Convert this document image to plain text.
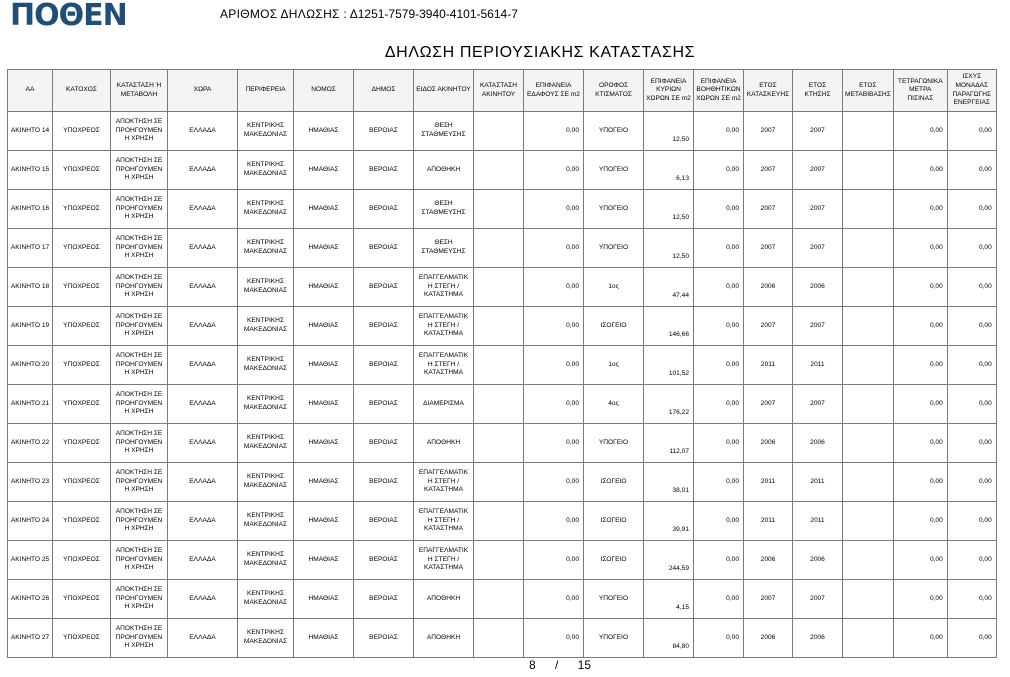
ΠΟΘΕΝ	ΑΡΙΘΜΟΣ ΔΗΛΩΣΗΣ : Δ1251-7579-3940-4101-5614-7
ΔΗΛΩΣΗ ΠΕΡΙΟΥΣΙΑΚΗΣ ΚΑΤΑΣΤΑΣΗΣ
ΑΑ	ΚΑΤΟΧΟΣ	ΚΑΤΑΣΤΑΣΗ Ή ΜΕΤΑΒΟΛΗ	ΧΩΡΑ	ΠΕΡΙΦΕΡΕΙΑ	ΝΟΜΟΣ	ΔΗΜΟΣ	ΕΙΔΟΣ ΑΚΙΝΗΤΟΥ	ΚΑΤΑΣΤΑΣΗ ΑΚΙΝΗΤΟΥ	ΕΠΙΦΑΝΕΙΑ ΕΔΑΦΟΥΣ ΣΕ m2	ΟΡΟΦΟΣ ΚΤΙΣΜΑΤΟΣ	ΕΠΙΦΑΝΕΙΑ ΚΥΡΙΩΝ ΧΩΡΩΝ ΣΕ m2	ΕΠΙΦΑΝΕΙΑ ΒΟΗΘΗΤΙΚΩΝ ΧΩΡΩΝ ΣΕ m2	ΕΤΟΣ ΚΑΤΑΣΚΕΥΗΣ	ΕΤΟΣ ΚΤΗΣΗΣ	ΕΤΟΣ ΜΕΤΑΒΙΒΑΣΗΣ	ΤΕΤΡΑΓΩΝΙΚΑ ΜΕΤΡΑ ΠΙΣΙΝΑΣ	ΙΣΧΥΣ ΜΟΝΑΔΑΣ ΠΑΡΑΓΩΓΗΣ ΕΝΕΡΓΕΙΑΣ
ΑΚΙΝΗΤΟ 14	ΥΠΟΧΡΕΟΣ	ΑΠΟΚΤΗΣΗ ΣΕ ΠΡΟΗΓΟΥΜΕΝ Η ΧΡΗΣΗ	ΕΛΛΑΔΑ	ΚΕΝΤΡΙΚΗΣ ΜΑΚΕΔΟΝΙΑΣ	ΗΜΑΘΙΑΣ	ΒΕΡΟΙΑΣ	ΘΕΣΗ ΣΤΑΘΜΕΥΣΗΣ		0,00	ΥΠΟΓΕΙΟ	12,50	0,00	2007	2007		0,00	0,00
ΑΚΙΝΗΤΟ 15	ΥΠΟΧΡΕΟΣ	ΑΠΟΚΤΗΣΗ ΣΕ ΠΡΟΗΓΟΥΜΕΝ Η ΧΡΗΣΗ	ΕΛΛΑΔΑ	ΚΕΝΤΡΙΚΗΣ ΜΑΚΕΔΟΝΙΑΣ	ΗΜΑΘΙΑΣ	ΒΕΡΟΙΑΣ	ΑΠΟΘΗΚΗ		0,00	ΥΠΟΓΕΙΟ	6,13	0,00	2007	2007		0,00	0,00
ΑΚΙΝΗΤΟ 16	ΥΠΟΧΡΕΟΣ	ΑΠΟΚΤΗΣΗ ΣΕ ΠΡΟΗΓΟΥΜΕΝ Η ΧΡΗΣΗ	ΕΛΛΑΔΑ	ΚΕΝΤΡΙΚΗΣ ΜΑΚΕΔΟΝΙΑΣ	ΗΜΑΘΙΑΣ	ΒΕΡΟΙΑΣ	ΘΕΣΗ ΣΤΑΘΜΕΥΣΗΣ		0,00	ΥΠΟΓΕΙΟ	12,50	0,00	2007	2007		0,00	0,00
ΑΚΙΝΗΤΟ 17	ΥΠΟΧΡΕΟΣ	ΑΠΟΚΤΗΣΗ ΣΕ ΠΡΟΗΓΟΥΜΕΝ Η ΧΡΗΣΗ	ΕΛΛΑΔΑ	ΚΕΝΤΡΙΚΗΣ ΜΑΚΕΔΟΝΙΑΣ	ΗΜΑΘΙΑΣ	ΒΕΡΟΙΑΣ	ΘΕΣΗ ΣΤΑΘΜΕΥΣΗΣ		0,00	ΥΠΟΓΕΙΟ	12,50	0,00	2007	2007		0,00	0,00
ΑΚΙΝΗΤΟ 18	ΥΠΟΧΡΕΟΣ	ΑΠΟΚΤΗΣΗ ΣΕ ΠΡΟΗΓΟΥΜΕΝ Η ΧΡΗΣΗ	ΕΛΛΑΔΑ	ΚΕΝΤΡΙΚΗΣ ΜΑΚΕΔΟΝΙΑΣ	ΗΜΑΘΙΑΣ	ΒΕΡΟΙΑΣ	ΕΠΑΓΓΕΛΜΑΤΙΚ Η ΣΤΕΓΗ / ΚΑΤΑΣΤΗΜΑ		0,00	1ος	47,44	0,00	2006	2006		0,00	0,00
ΑΚΙΝΗΤΟ 19	ΥΠΟΧΡΕΟΣ	ΑΠΟΚΤΗΣΗ ΣΕ ΠΡΟΗΓΟΥΜΕΝ Η ΧΡΗΣΗ	ΕΛΛΑΔΑ	ΚΕΝΤΡΙΚΗΣ ΜΑΚΕΔΟΝΙΑΣ	ΗΜΑΘΙΑΣ	ΒΕΡΟΙΑΣ	ΕΠΑΓΓΕΛΜΑΤΙΚ Η ΣΤΕΓΗ / ΚΑΤΑΣΤΗΜΑ		0,00	ΙΣΟΓΕΙΟ	146,66	0,00	2007	2007		0,00	0,00
ΑΚΙΝΗΤΟ 20	ΥΠΟΧΡΕΟΣ	ΑΠΟΚΤΗΣΗ ΣΕ ΠΡΟΗΓΟΥΜΕΝ Η ΧΡΗΣΗ	ΕΛΛΑΔΑ	ΚΕΝΤΡΙΚΗΣ ΜΑΚΕΔΟΝΙΑΣ	ΗΜΑΘΙΑΣ	ΒΕΡΟΙΑΣ	ΕΠΑΓΓΕΛΜΑΤΙΚ Η ΣΤΕΓΗ / ΚΑΤΑΣΤΗΜΑ		0,00	1ος	101,52	0,00	2011	2011		0,00	0,00
ΑΚΙΝΗΤΟ 21	ΥΠΟΧΡΕΟΣ	ΑΠΟΚΤΗΣΗ ΣΕ ΠΡΟΗΓΟΥΜΕΝ Η ΧΡΗΣΗ	ΕΛΛΑΔΑ	ΚΕΝΤΡΙΚΗΣ ΜΑΚΕΔΟΝΙΑΣ	ΗΜΑΘΙΑΣ	ΒΕΡΟΙΑΣ	ΔΙΑΜΕΡΙΣΜΑ		0,00	4ος	176,22	0,00	2007	2007		0,00	0,00
ΑΚΙΝΗΤΟ 22	ΥΠΟΧΡΕΟΣ	ΑΠΟΚΤΗΣΗ ΣΕ ΠΡΟΗΓΟΥΜΕΝ Η ΧΡΗΣΗ	ΕΛΛΑΔΑ	ΚΕΝΤΡΙΚΗΣ ΜΑΚΕΔΟΝΙΑΣ	ΗΜΑΘΙΑΣ	ΒΕΡΟΙΑΣ	ΑΠΟΘΗΚΗ		0,00	ΥΠΟΓΕΙΟ	112,07	0,00	2006	2006		0,00	0,00
ΑΚΙΝΗΤΟ 23	ΥΠΟΧΡΕΟΣ	ΑΠΟΚΤΗΣΗ ΣΕ ΠΡΟΗΓΟΥΜΕΝ Η ΧΡΗΣΗ	ΕΛΛΑΔΑ	ΚΕΝΤΡΙΚΗΣ ΜΑΚΕΔΟΝΙΑΣ	ΗΜΑΘΙΑΣ	ΒΕΡΟΙΑΣ	ΕΠΑΓΓΕΛΜΑΤΙΚ Η ΣΤΕΓΗ / ΚΑΤΑΣΤΗΜΑ		0,00	ΙΣΟΓΕΙΟ	38,01	0,00	2011	2011		0,00	0,00
ΑΚΙΝΗΤΟ 24	ΥΠΟΧΡΕΟΣ	ΑΠΟΚΤΗΣΗ ΣΕ ΠΡΟΗΓΟΥΜΕΝ Η ΧΡΗΣΗ	ΕΛΛΑΔΑ	ΚΕΝΤΡΙΚΗΣ ΜΑΚΕΔΟΝΙΑΣ	ΗΜΑΘΙΑΣ	ΒΕΡΟΙΑΣ	ΕΠΑΓΓΕΛΜΑΤΙΚ Η ΣΤΕΓΗ / ΚΑΤΑΣΤΗΜΑ		0,00	ΙΣΟΓΕΙΟ	39,91	0,00	2011	2011		0,00	0,00
ΑΚΙΝΗΤΟ 25	ΥΠΟΧΡΕΟΣ	ΑΠΟΚΤΗΣΗ ΣΕ ΠΡΟΗΓΟΥΜΕΝ Η ΧΡΗΣΗ	ΕΛΛΑΔΑ	ΚΕΝΤΡΙΚΗΣ ΜΑΚΕΔΟΝΙΑΣ	ΗΜΑΘΙΑΣ	ΒΕΡΟΙΑΣ	ΕΠΑΓΓΕΛΜΑΤΙΚ Η ΣΤΕΓΗ / ΚΑΤΑΣΤΗΜΑ		0,00	ΙΣΟΓΕΙΟ	244,59	0,00	2006	2006		0,00	0,00
ΑΚΙΝΗΤΟ 26	ΥΠΟΧΡΕΟΣ	ΑΠΟΚΤΗΣΗ ΣΕ ΠΡΟΗΓΟΥΜΕΝ Η ΧΡΗΣΗ	ΕΛΛΑΔΑ	ΚΕΝΤΡΙΚΗΣ ΜΑΚΕΔΟΝΙΑΣ	ΗΜΑΘΙΑΣ	ΒΕΡΟΙΑΣ	ΑΠΟΘΗΚΗ		0,00	ΥΠΟΓΕΙΟ	4,15	0,00	2007	2007		0,00	0,00
ΑΚΙΝΗΤΟ 27	ΥΠΟΧΡΕΟΣ	ΑΠΟΚΤΗΣΗ ΣΕ ΠΡΟΗΓΟΥΜΕΝ Η ΧΡΗΣΗ	ΕΛΛΑΔΑ	ΚΕΝΤΡΙΚΗΣ ΜΑΚΕΔΟΝΙΑΣ	ΗΜΑΘΙΑΣ	ΒΕΡΟΙΑΣ	ΑΠΟΘΗΚΗ		0,00	ΥΠΟΓΕΙΟ	84,80	0,00	2006	2006		0,00	0,00
8 / 15
